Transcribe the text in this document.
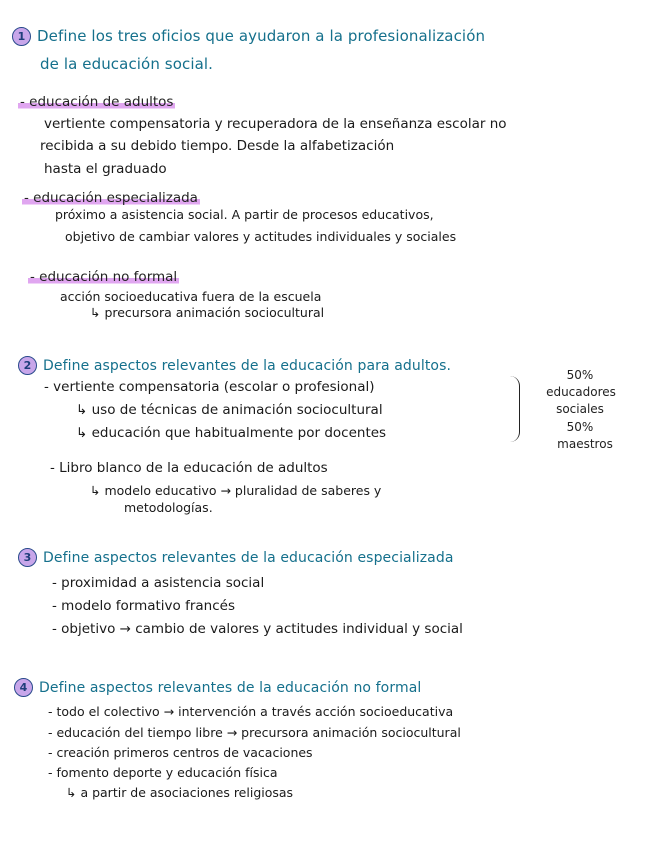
1 Define los tres oficios que ayudaron a la profesionalización
de la educación social.
- educación de adultos
vertiente compensatoria y recuperadora de la enseñanza escolar no
recibida a su debido tiempo. Desde la alfabetización
hasta el graduado
- educación especializada
próximo a asistencia social. A partir de procesos educativos,
objetivo de cambiar valores y actitudes individuales y sociales
- educación no formal
acción socioeducativa fuera de la escuela
↳ precursora animación sociocultural
2 Define aspectos relevantes de la educación para adultos.
- vertiente compensatoria (escolar o profesional)
↳ uso de técnicas de animación sociocultural
↳ educación que habitualmente por docentes
50%
educadores
sociales
50%
maestros
- Libro blanco de la educación de adultos
↳ modelo educativo → pluralidad de saberes y
metodologías.
3 Define aspectos relevantes de la educación especializada
- proximidad a asistencia social
- modelo formativo francés
- objetivo → cambio de valores y actitudes individual y social
4 Define aspectos relevantes de la educación no formal
- todo el colectivo → intervención a través acción socioeducativa
- educación del tiempo libre → precursora animación sociocultural
- creación primeros centros de vacaciones
- fomento deporte y educación física
↳ a partir de asociaciones religiosas
